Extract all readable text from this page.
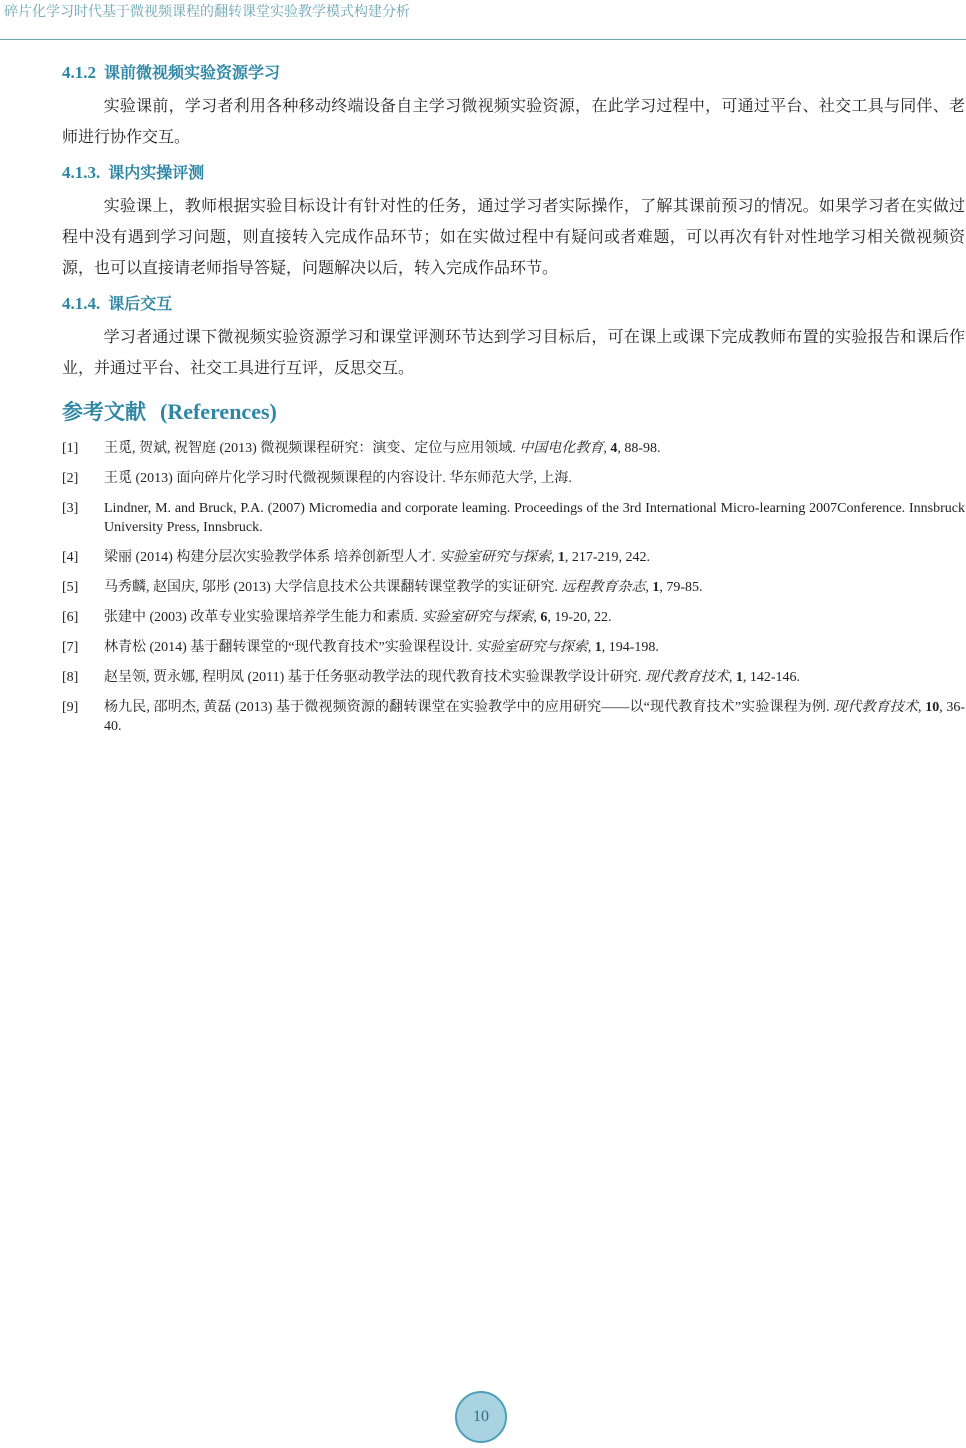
碎片化学习时代基于微视频课程的翻转课堂实验教学模式构建分析
4.1.2 课前微视频实验资源学习

实验课前，学习者利用各种移动终端设备自主学习微视频实验资源，在此学习过程中，可通过平台、社交工具与同伴、老师进行协作交互。

4.1.3. 课内实操评测

实验课上，教师根据实验目标设计有针对性的任务，通过学习者实际操作，了解其课前预习的情况。如果学习者在实做过程中没有遇到学习问题，则直接转入完成作品环节；如在实做过程中有疑问或者难题，可以再次有针对性地学习相关微视频资源，也可以直接请老师指导答疑，问题解决以后，转入完成作品环节。

4.1.4. 课后交互

学习者通过课下微视频实验资源学习和课堂评测环节达到学习目标后，可在课上或课下完成教师布置的实验报告和课后作业，并通过平台、社交工具进行互评，反思交互。

参考文献 (References)
[1]	王觅, 贺斌, 祝智庭 (2013) 微视频课程研究：演变、定位与应用领域. 中国电化教育, 4, 88-98.
[2]	王觅 (2013) 面向碎片化学习时代微视频课程的内容设计. 华东师范大学, 上海.
[3]	Lindner, M. and Bruck, P.A. (2007) Micromedia and corporate leaming. Proceedings of the 3rd International Micro-learning 2007Conference. Innsbruck University Press, Innsbruck.
[4]	梁丽 (2014) 构建分层次实验教学体系 培养创新型人才. 实验室研究与探索, 1, 217-219, 242.
[5]	马秀麟, 赵国庆, 邬彤 (2013) 大学信息技术公共课翻转课堂教学的实证研究. 远程教育杂志, 1, 79-85.
[6]	张建中 (2003) 改革专业实验课培养学生能力和素质. 实验室研究与探索, 6, 19-20, 22.
[7]	林青松 (2014) 基于翻转课堂的“现代教育技术”实验课程设计. 实验室研究与探索, 1, 194-198.
[8]	赵呈领, 贾永娜, 程明凤 (2011) 基于任务驱动教学法的现代教育技术实验课教学设计研究. 现代教育技术, 1, 142-146.
[9]	杨九民, 邵明杰, 黄磊 (2013) 基于微视频资源的翻转课堂在实验教学中的应用研究——以“现代教育技术”实验课程为例. 现代教育技术, 10, 36-40.
10
